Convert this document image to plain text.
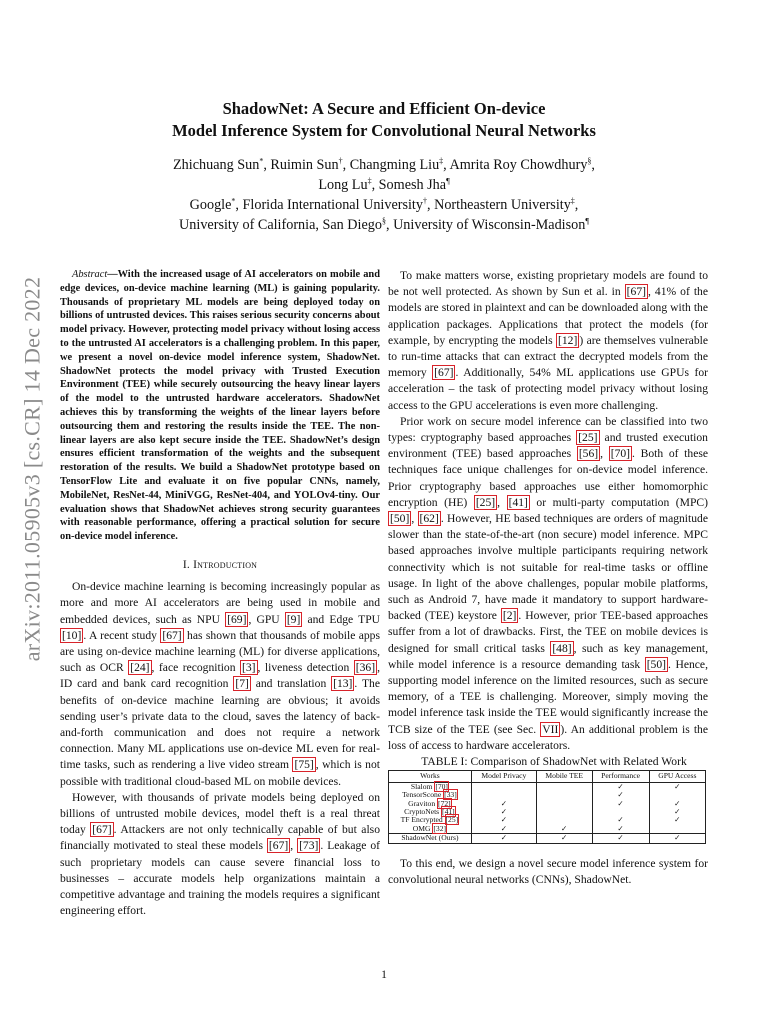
arXiv:2011.05905v3 [cs.CR] 14 Dec 2022

ShadowNet: A Secure and Efficient On-device
Model Inference System for Convolutional Neural Networks

Zhichuang Sun*, Ruimin Sun†, Changming Liu‡, Amrita Roy Chowdhury§,

Long Lu‡, Somesh Jha¶

Google*, Florida International University†, Northeastern University‡,

University of California, San Diego§, University of Wisconsin-Madison¶

Abstract—With the increased usage of AI accelerators on mobile and edge devices, on-device machine learning (ML) is gaining popularity. Thousands of proprietary ML models are being deployed today on billions of untrusted devices. This raises serious security concerns about model privacy. However, protecting model privacy without losing access to the untrusted AI accelerators is a challenging problem. In this paper, we present a novel on-device model inference system, ShadowNet. ShadowNet protects the model privacy with Trusted Execution Environment (TEE) while securely outsourcing the heavy linear layers of the model to the untrusted hardware accelerators. ShadowNet achieves this by transforming the weights of the linear layers before outsourcing them and restoring the results inside the TEE. The non-linear layers are also kept secure inside the TEE. ShadowNet’s design ensures efficient transformation of the weights and the subsequent restoration of the results. We build a ShadowNet prototype based on TensorFlow Lite and evaluate it on five popular CNNs, namely, MobileNet, ResNet-44, MiniVGG, ResNet-404, and YOLOv4-tiny. Our evaluation shows that ShadowNet achieves strong security guarantees with reasonable performance, offering a practical solution for secure on-device model inference.

I. Introduction

On-device machine learning is becoming increasingly popular as more and more AI accelerators are being used in mobile and embedded devices, such as NPU [69] , GPU [9] and Edge TPU [10] . A recent study [67] has shown that thousands of mobile apps are using on-device machine learning (ML) for diverse applications, such as OCR [24] , face recognition [3] , liveness detection [36] , ID card and bank card recognition [7] and translation [13] . The benefits of on-device machine learning are obvious; it avoids sending user’s private data to the cloud, saves the latency of back-and-forth communication and does not require a network connection. Many ML applications use on-device ML even for real-time tasks, such as rendering a live video stream [75] , which is not possible with traditional cloud-based ML on mobile devices.

However, with thousands of private models being deployed on billions of untrusted mobile devices, model theft is a real threat today [67] . Attackers are not only technically capable of but also financially motivated to steal these models [67] , [73] . Leakage of such proprietary models can cause severe financial loss to businesses – accurate models help organizations maintain a competitive advantage and training the models requires a significant engineering effort.

To make matters worse, existing proprietary models are found to be not well protected. As shown by Sun et al. in [67] , 41% of the models are stored in plaintext and can be downloaded along with the application packages. Applications that protect the models (for example, by encrypting the models [12] ) are themselves vulnerable to run-time attacks that can extract the decrypted models from the memory [67] . Additionally, 54% ML applications use GPUs for acceleration – the task of protecting model privacy without losing access to the GPU accelerations is even more challenging.

Prior work on secure model inference can be classified into two types: cryptography based approaches [25] and trusted execution environment (TEE) based approaches [56] , [70] . Both of these techniques face unique challenges for on-device model inference. Prior cryptography based approaches use either homomorphic encryption (HE) [25] , [41] or multi-party computation (MPC) [50] , [62] . However, HE based techniques are orders of magnitude slower than the state-of-the-art (non secure) model inference. MPC based approaches involve multiple participants requiring network connectivity which is not suitable for real-time tasks or offline usage. In light of the above challenges, popular mobile platforms, such as Android 7, have made it mandatory to support hardware-backed (TEE) keystore [2] . However, prior TEE-based approaches suffer from a lot of drawbacks. First, the TEE on mobile devices is designed for small critical tasks [48] , such as key management, while model inference is a resource demanding task [50] . Hence, supporting model inference on the limited resources, such as secure memory, of a TEE is challenging. Moreover, simply moving the model inference task inside the TEE would significantly increase the TCB size of the TEE (see Sec. VII ). An additional problem is the loss of access to hardware accelerators.

TABLE I: Comparison of ShadowNet with Related Work

Works	Model Privacy	Mobile TEE	Performance	GPU Access
Slalom [70]			✓	✓
TensorScone [33]			✓	
Graviton [72]	✓		✓	✓
CryptoNets [41]	✓			✓
TF Encrypted [25]	✓		✓	✓
OMG [32]	✓	✓	✓	
ShadowNet (Ours)	✓	✓	✓	✓

To this end, we design a novel secure model inference system for convolutional neural networks (CNNs), ShadowNet.

1
